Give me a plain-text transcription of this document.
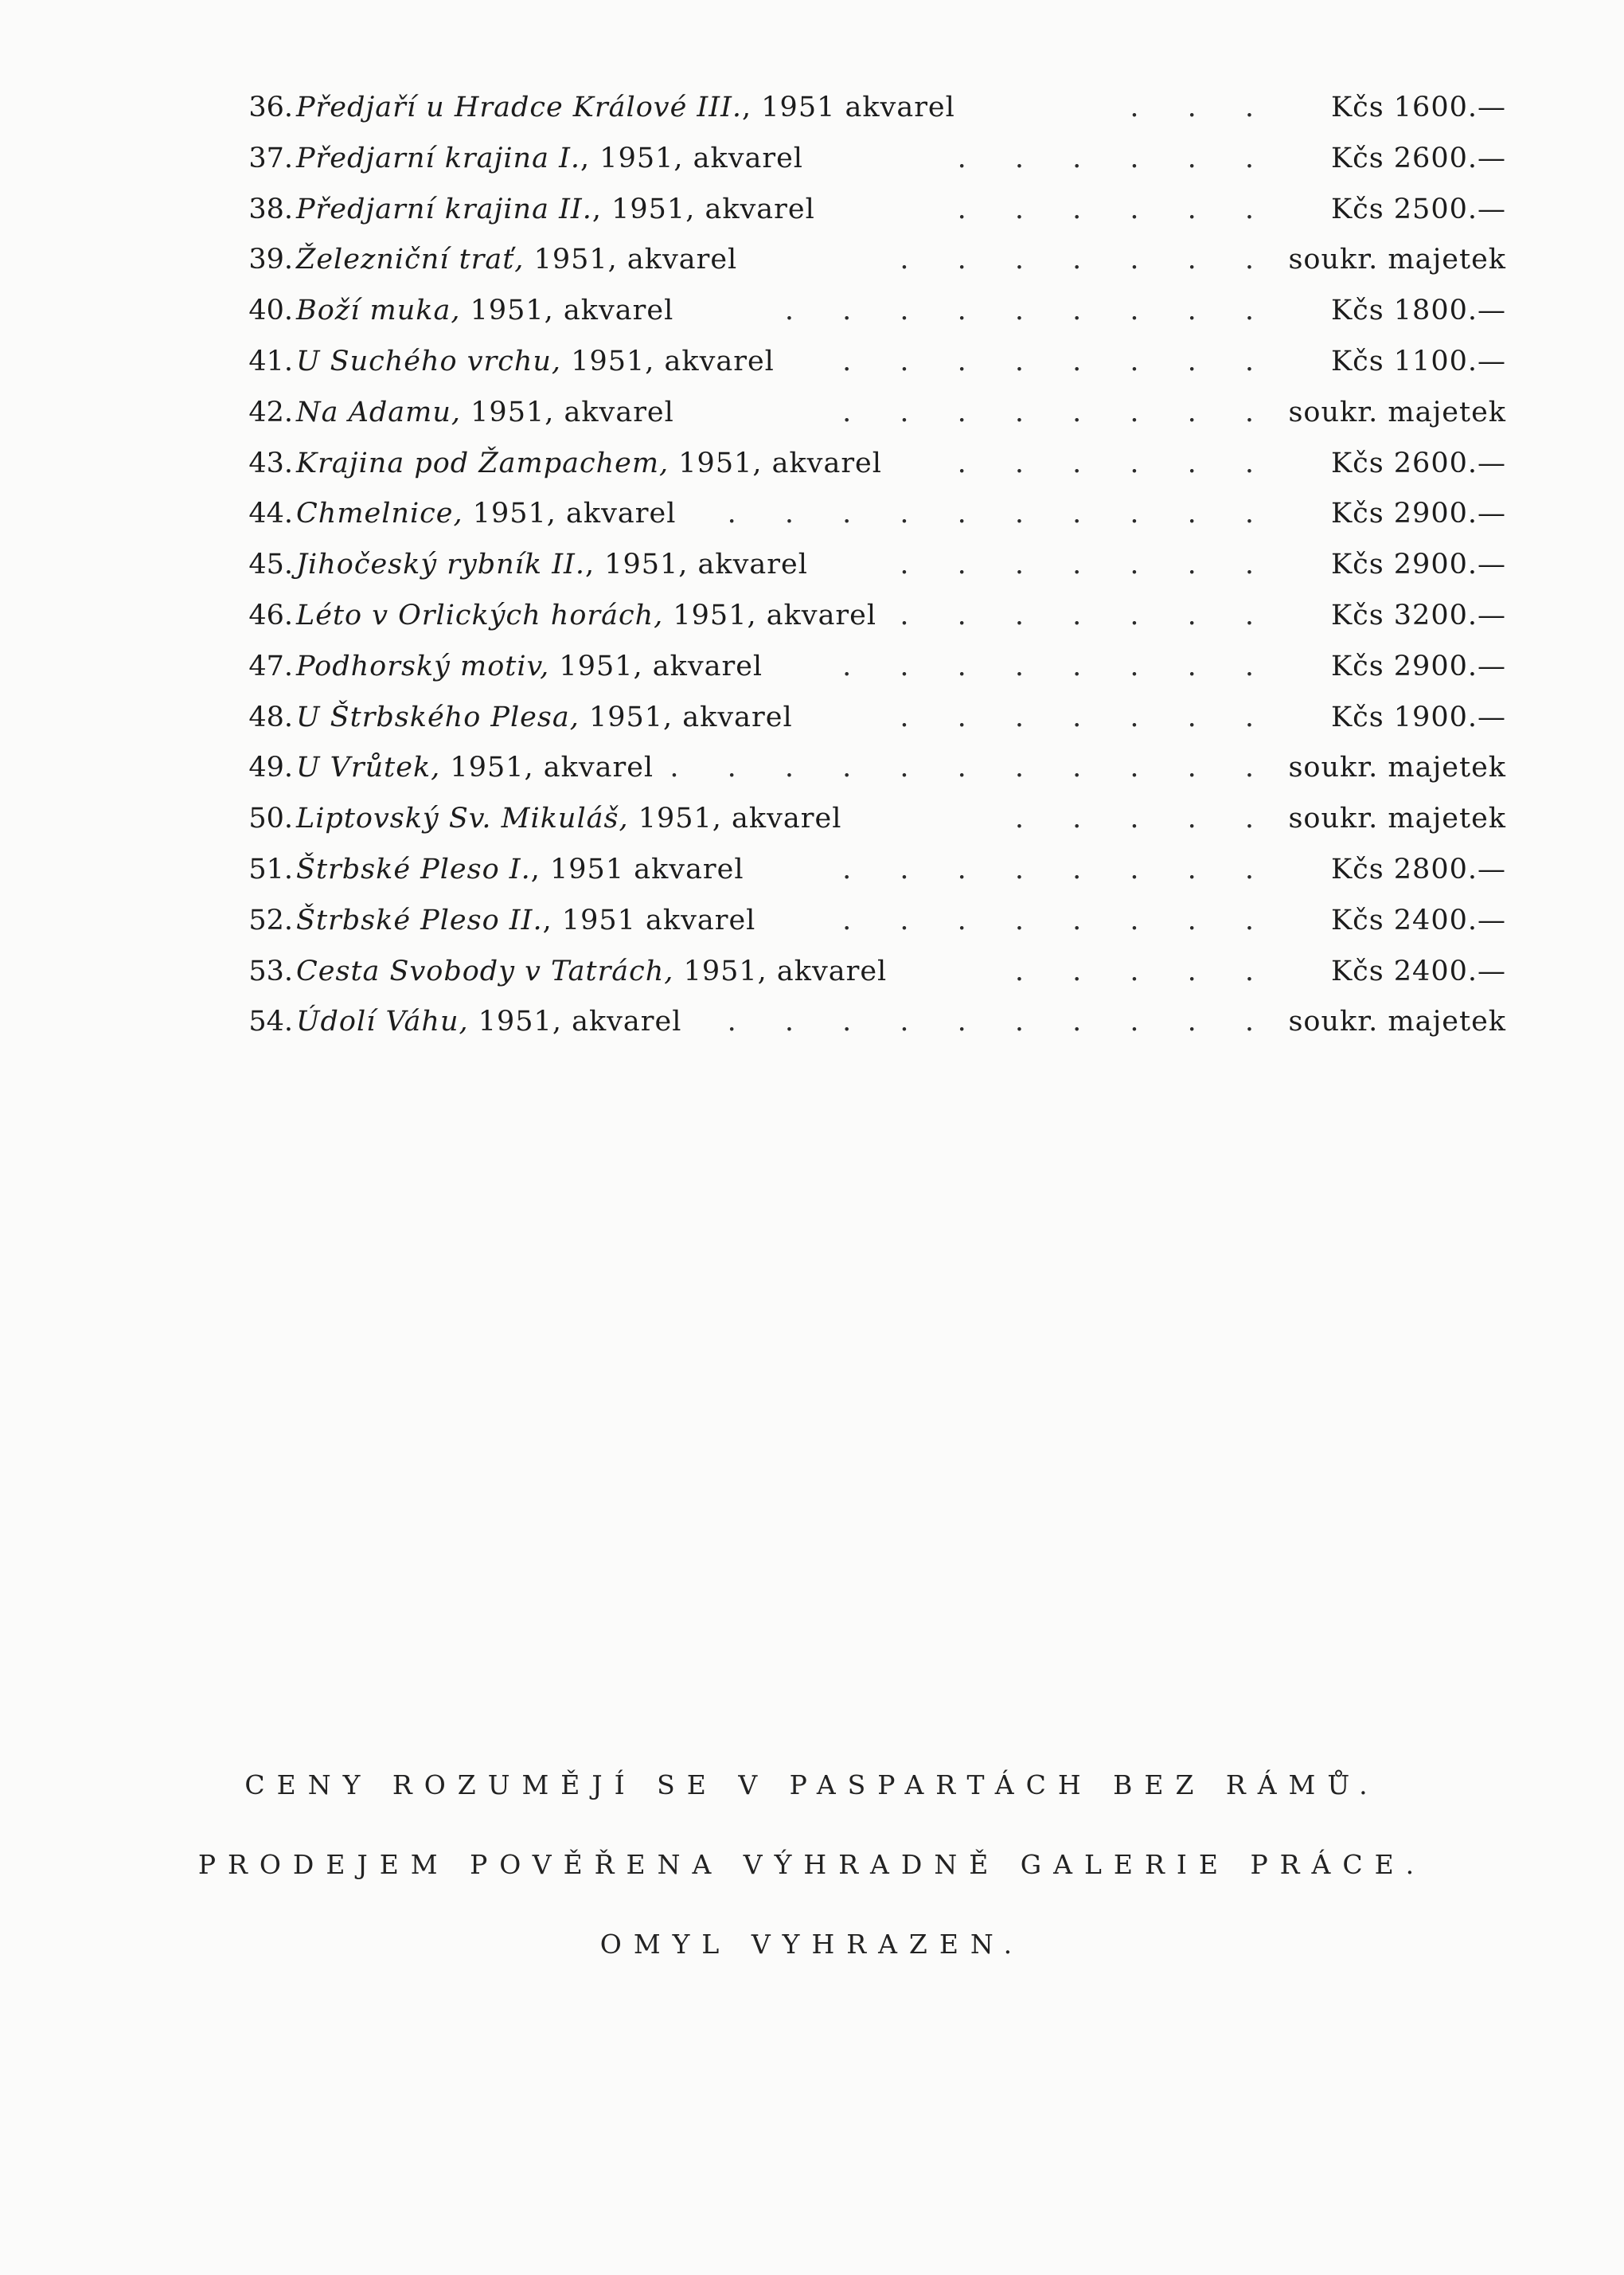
36. Předjaří u Hradce Králové III., 1951 akvarel	. . .	Kčs 1600.—
37. Předjarní krajina I., 1951, akvarel	. . . . . .	Kčs 2600.—
38. Předjarní krajina II., 1951, akvarel	. . . . . .	Kčs 2500.—
39. Železniční trať, 1951, akvarel	. . . . . . . soukr. majetek
40. Boží muka, 1951, akvarel	. . . . . . . . .	Kčs 1800.—
41. U Suchého vrchu, 1951, akvarel	. . . . . . . .	Kčs 1100.—
42. Na Adamu, 1951, akvarel	. . . . . . . . soukr. majetek
43. Krajina pod Žampachem, 1951, akvarel	. . . . . .	Kčs 2600.—
44. Chmelnice, 1951, akvarel	. . . . . . . . . .	Kčs 2900.—
45. Jihočeský rybník II., 1951, akvarel	. . . . . . .	Kčs 2900.—
46. Léto v Orlických horách, 1951, akvarel . . . . . . .	Kčs 3200.—
47. Podhorský motiv, 1951, akvarel	. . . . . . . .	Kčs 2900.—
48. U Štrbského Plesa, 1951, akvarel	. . . . . . .	Kčs 1900.—
49. U Vrůtek, 1951, akvarel . . . . . . . . . . . soukr. majetek
50. Liptovský Sv. Mikuláš, 1951, akvarel	. . . . . soukr. majetek
51. Štrbské Pleso I., 1951 akvarel	. . . . . . . .	Kčs 2800.—
52. Štrbské Pleso II., 1951 akvarel	. . . . . . . .	Kčs 2400.—
53. Cesta Svobody v Tatrách, 1951, akvarel	. . . . .	Kčs 2400.—
54. Údolí Váhu, 1951, akvarel	. . . . . . . . . . soukr. majetek
CENY ROZUMĚJÍ SE V PASPARTÁCH BEZ RÁMŮ.
PRODEJEM POVĚŘENA VÝHRADNĚ GALERIE PRÁCE.
OMYL VYHRAZEN.
